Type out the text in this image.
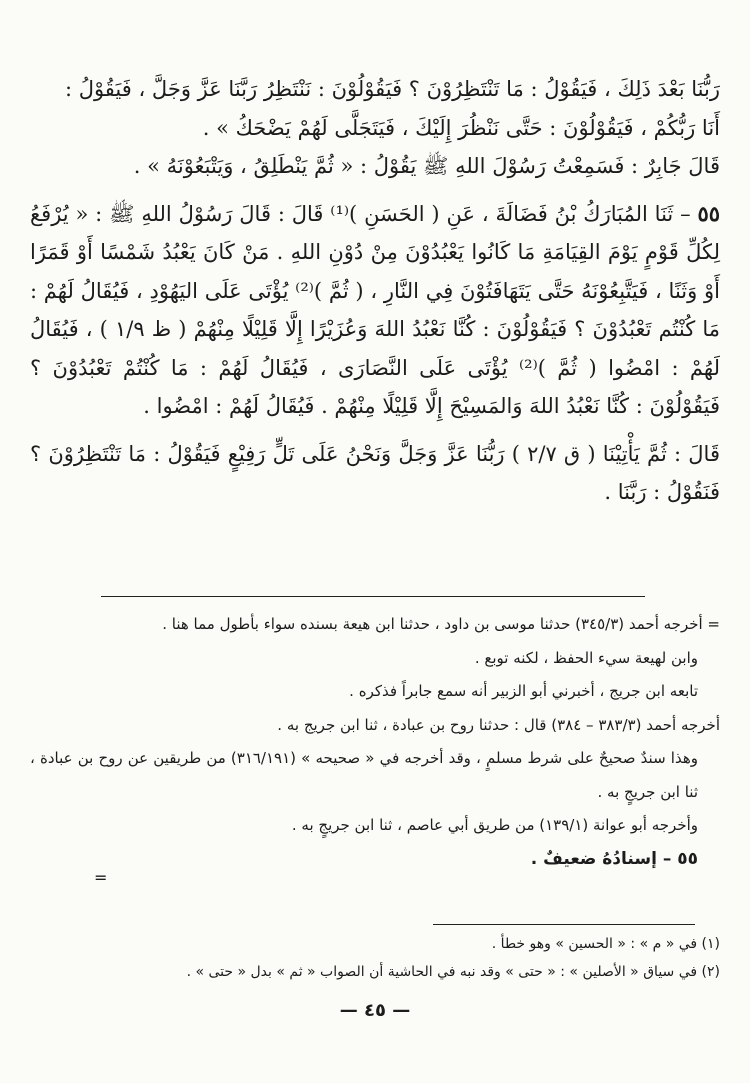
رَبُّنَا بَعْدَ ذَلِكَ ، فَيَقُوْلُ : مَا تَنْتَظِرُوْنَ ؟ فَيَقُوْلُوْنَ : نَنْتَظِرُ رَبَّنَا عَزَّ وَجَلَّ ، فَيَقُوْلُ :

أَنَا رَبُّكُمْ ، فَيَقُوْلُوْنَ : حَتَّى نَنْظُرَ إِلَيْكَ ، فَيَتَجَلَّى لَهُمْ يَضْحَكُ » .

قَالَ جَابِرٌ : فَسَمِعْتُ رَسُوْلَ اللهِ ﷺ يَقُوْلُ : « ثُمَّ يَنْطَلِقُ ، وَيَتْبَعُوْنَهُ » .

٥٥ – ثَنَا المُبَارَكُ بْنُ فَضَالَةَ ، عَنِ ( الحَسَنِ )⁽¹⁾ قَالَ : قَالَ رَسُوْلُ اللهِ ﷺ : « يُرْفَعُ لِكُلِّ قَوْمٍ يَوْمَ القِيَامَةِ مَا كَانُوا يَعْبُدُوْنَ مِنْ دُوْنِ اللهِ . مَنْ كَانَ يَعْبُدُ شَمْسًا أَوْ قَمَرًا أَوْ وَثَنًا ، فَيَتَّبِعُوْنَهُ حَتَّى يَتَهَافَتُوْنَ فِي النَّارِ ، ( ثُمَّ )⁽²⁾ يُؤْتَى عَلَى اليَهُوْدِ ، فَيُقَالُ لَهُمْ : مَا كُنْتُم تَعْبُدُوْنَ ؟ فَيَقُوْلُوْنَ : كُنَّا نَعْبُدُ اللهَ وَعُزَيْرًا إِلَّا قَلِيْلًا مِنْهُمْ ( ظ ١/٩ ) ، فَيُقَالُ لَهُمْ : امْضُوا ( ثُمَّ )⁽²⁾ يُؤْتَى عَلَى النَّصَارَى ، فَيُقَالُ لَهُمْ : مَا كُنْتُمْ تَعْبُدُوْنَ ؟ فَيَقُوْلُوْنَ : كُنَّا نَعْبُدُ اللهَ وَالمَسِيْحَ إِلَّا قَلِيْلًا مِنْهُمْ . فَيُقَالُ لَهُمْ : امْضُوا .

قَالَ : ثُمَّ يَأْتِيْنَا ( ق ٢/٧ ) رَبُّنَا عَزَّ وَجَلَّ وَنَحْنُ عَلَى تَلٍّ رَفِيْعٍ فَيَقُوْلُ : مَا تَنْتَظِرُوْنَ ؟ فَنَقُوْلُ : رَبَّنَا .

= أخرجه أحمد (٣٤٥/٣) حدثنا موسى بن داود ، حدثنا ابن هيعة بسنده سواء بأطول مما هنا .

وابن لهيعة سيء الحفظ ، لكنه توبع .

تابعه ابن جريج ، أخبرني أبو الزبير أنه سمع جابراً فذكره .

أخرجه أحمد (٣٨٣/٣ – ٣٨٤) قال : حدثنا روح بن عبادة ، ثنا ابن جريج به .

وهذا سندٌ صحيحٌ على شرط مسلمٍ ، وقد أخرجه في « صحيحه » (٣١٦/١٩١) من طريقين عن روح بن عبادة ، ثنا ابن جريجٍ به .

وأخرجه أبو عوانة (١٣٩/١) من طريق أبي عاصم ، ثنا ابن جريجٍ به .

٥٥ – إسنادُهُ ضعيفٌ .

=

(١) في « م » : « الحسين » وهو خطأ .

(٢) في سياق « الأصلين » : « حتى » وقد نبه في الحاشية أن الصواب « ثم » بدل « حتى » .

— ٤٥ —
